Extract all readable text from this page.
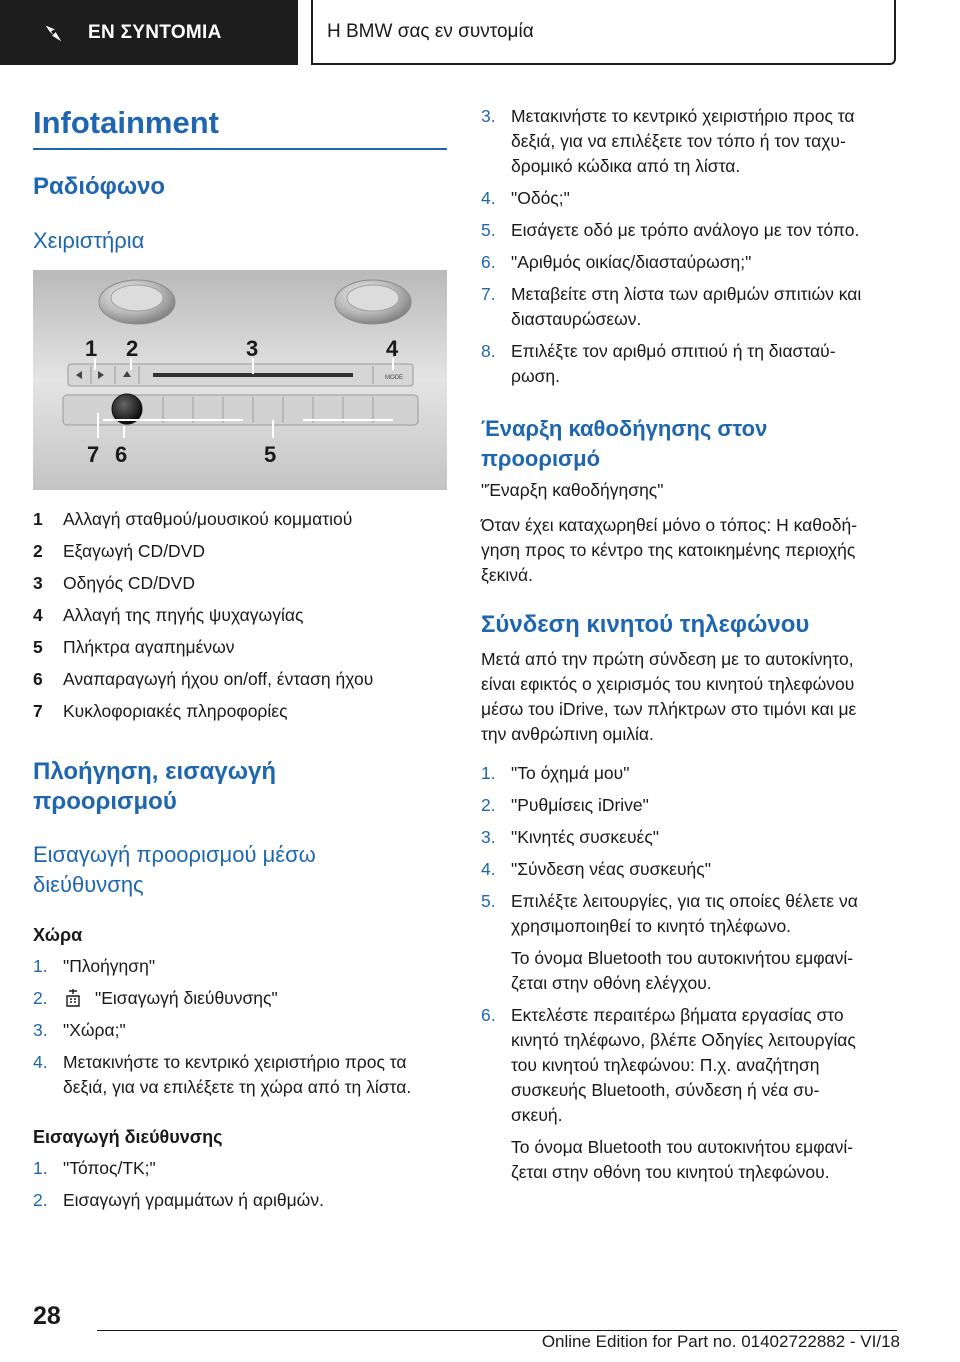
ΕΝ ΣΥΝΤΟΜΙΑ	Η BMW σας εν συντομία
Infotainment
Ραδιόφωνο
Χειριστήρια
MODE
1 2	3	4
7 6	5
1	Αλλαγή σταθμού/μουσικού κομματιού
2	Εξαγωγή CD/DVD
3	Οδηγός CD/DVD
4	Αλλαγή της πηγής ψυχαγωγίας
5	Πλήκτρα αγαπημένων
6	Αναπαραγωγή ήχου on/off, ένταση ήχου
7	Κυκλοφοριακές πληροφορίες
Πλοήγηση, εισαγωγή
προορισμού
Εισαγωγή προορισμού μέσω
διεύθυνσης
Χώρα
1. "Πλοήγηση"
2.	"Εισαγωγή διεύθυνσης"
3. "Χώρα;"
4. Μετακινήστε το κεντρικό χειριστήριο προς τα
δεξιά, για να επιλέξετε τη χώρα από τη λίστα.
Εισαγωγή διεύθυνσης
1. "Τόπος/ΤΚ;"
2. Εισαγωγή γραμμάτων ή αριθμών.
3. Μετακινήστε το κεντρικό χειριστήριο προς τα
δεξιά, για να επιλέξετε τον τόπο ή τον ταχυ-
δρομικό κώδικα από τη λίστα.
4. "Οδός;"
5. Εισάγετε οδό με τρόπο ανάλογο με τον τόπο.
6. "Αριθμός οικίας/διασταύρωση;"
7. Μεταβείτε στη λίστα των αριθμών σπιτιών και
διασταυρώσεων.
8. Επιλέξτε τον αριθμό σπιτιού ή τη διασταύ-
ρωση.
Έναρξη καθοδήγησης στον
προορισμό
"Έναρξη καθοδήγησης"
Όταν έχει καταχωρηθεί μόνο ο τόπος: Η καθοδή-
γηση προς το κέντρο της κατοικημένης περιοχής
ξεκινά.
Σύνδεση κινητού τηλεφώνου
Μετά από την πρώτη σύνδεση με το αυτοκίνητο,
είναι εφικτός ο χειρισμός του κινητού τηλεφώνου
μέσω του iDrive, των πλήκτρων στο τιμόνι και με
την ανθρώπινη ομιλία.
1. "Το όχημά μου"
2. "Ρυθμίσεις iDrive"
3. "Κινητές συσκευές"
4. "Σύνδεση νέας συσκευής"
5. Επιλέξτε λειτουργίες, για τις οποίες θέλετε να
χρησιμοποιηθεί το κινητό τηλέφωνο.
Το όνομα Bluetooth του αυτοκινήτου εμφανί-
ζεται στην οθόνη ελέγχου.
6. Εκτελέστε περαιτέρω βήματα εργασίας στο
κινητό τηλέφωνο, βλέπε Οδηγίες λειτουργίας
του κινητού τηλεφώνου: Π.χ. αναζήτηση
συσκευής Bluetooth, σύνδεση ή νέα συ-
σκευή.
Το όνομα Bluetooth του αυτοκινήτου εμφανί-
ζεται στην οθόνη του κινητού τηλεφώνου.
28
Online Edition for Part no. 01402722882 - VI/18
